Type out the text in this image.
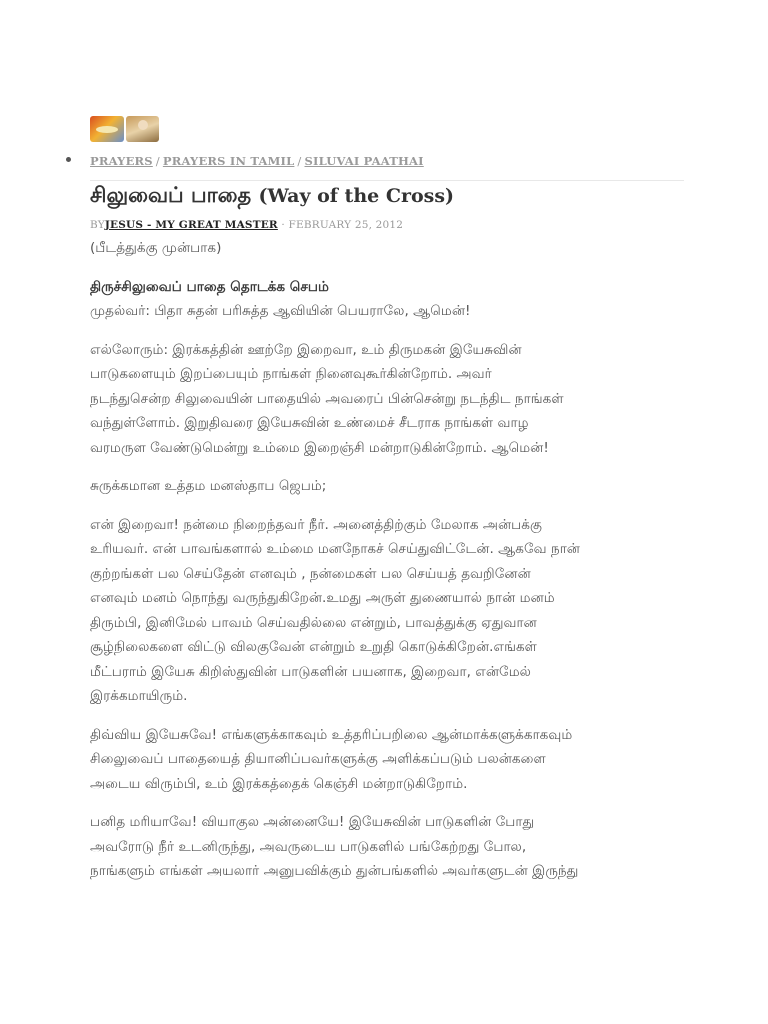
PRAYERS / PRAYERS IN TAMIL / SILUVAI PAATHAI
சிலுவைப் பாதை (Way of the Cross)
BYJESUS - MY GREAT MASTER · FEBRUARY 25, 2012

(பீடத்துக்கு முன்பாக)

திருச்சிலுவைப் பாதை தொடக்க செபம்
முதல்வர்: பிதா சுதன் பரிசுத்த ஆவியின் பெயராலே, ஆமென்!

எல்லோரும்: இரக்கத்தின் ஊற்றே இறைவா, உம் திருமகன் இயேசுவின்
பாடுகளையும் இறப்பையும் நாங்கள் நினைவுகூர்கின்றோம். அவர்
நடந்துசென்ற சிலுவையின் பாதையில் அவரைப் பின்சென்று நடந்திட நாங்கள்
வந்துள்ளோம். இறுதிவரை இயேசுவின் உண்மைச் சீடராக நாங்கள் வாழ
வரமருள வேண்டுமென்று உம்மை இறைஞ்சி மன்றாடுகின்றோம். ஆமென்!

சுருக்கமான உத்தம மனஸ்தாப ஜெபம்;

என் இறைவா! நன்மை நிறைந்தவர் நீர். அனைத்திற்கும் மேலாக அன்பக்கு
உரியவர். என் பாவங்களால் உம்மை மனநோகச் செய்துவிட்டேன். ஆகவே நான்
குற்றங்கள் பல செய்தேன் எனவும் , நன்மைகள் பல செய்யத் தவறினேன்
எனவும் மனம் நொந்து வருந்துகிறேன்.உமது அருள் துணையால் நான் மனம்
திரும்பி, இனிமேல் பாவம் செய்வதில்லை என்றும், பாவத்துக்கு ஏதுவான
சூழ்நிலைகளை விட்டு விலகுவேன் என்றும் உறுதி கொடுக்கிறேன்.எங்கள்
மீட்பராம் இயேசு கிறிஸ்துவின் பாடுகளின் பயனாக, இறைவா, என்மேல்
இரக்கமாயிரும்.

திவ்விய இயேசுவே! எங்களுக்காகவும் உத்தரிப்பறிலை ஆன்மாக்களுக்காகவும்
சிலுைவைப் பாதையைத் தியானிப்பவர்களுக்கு அளிக்கப்படும் பலன்களை
அடைய விரும்பி, உம் இரக்கத்தைக் கெஞ்சி மன்றாடுகிறோம்.

பனித மரியாவே! வியாகுல அன்னையே! இயேசுவின் பாடுகளின் போது
அவரோடு நீர் உடனிருந்து, அவருடைய பாடுகளில் பங்கேற்றது போல,
நாங்களும் எங்கள் அயலார் அனுபவிக்கும் துன்பங்களில் அவர்களுடன் இருந்து
